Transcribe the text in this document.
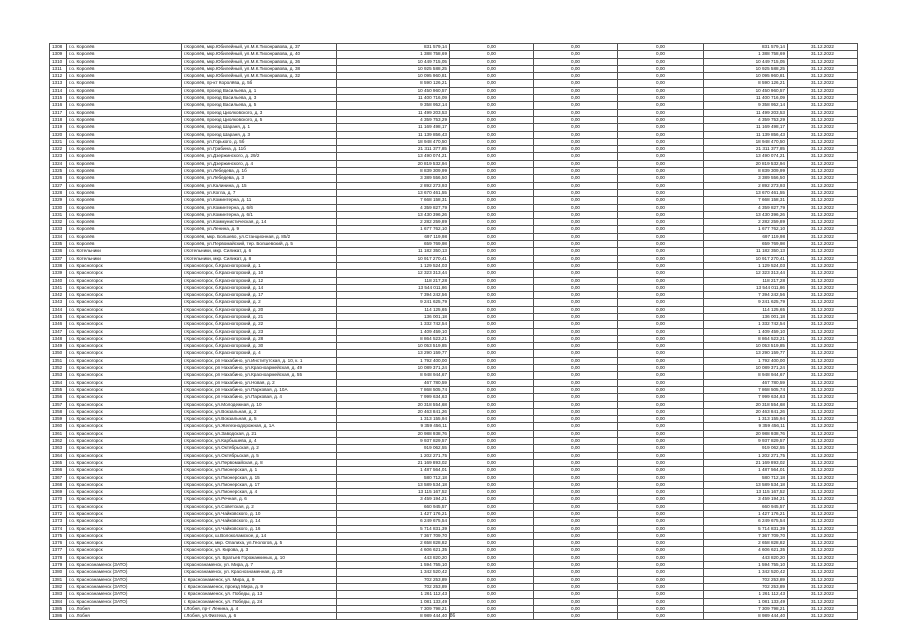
1308	г.о. Королёв	г.Королёв, мкр.Юбилейный, ул.М.К.Тихонравова, д. 37	831 579,14	0,00	0,00	0,00	831 579,14	31.12.2022
1309	г.о. Королёв	г.Королёв, мкр.Юбилейный, ул.М.К.Тихонравова, д. 40	1 388 758,69	0,00	0,00	0,00	1 388 758,69	31.12.2022
1310	г.о. Королёв	г.Королёв, мкр.Юбилейный, ул.М.К.Тихонравова, д. 36	10 449 715,05	0,00	0,00	0,00	10 449 715,05	31.12.2022
1311	г.о. Королёв	г.Королёв, мкр.Юбилейный, ул.М.К.Тихонравова, д. 38	10 925 588,25	0,00	0,00	0,00	10 925 588,25	31.12.2022
1312	г.о. Королёв	г.Королёв, мкр.Юбилейный, ул.М.К.Тихонравова, д. 32	10 095 960,81	0,00	0,00	0,00	10 095 960,81	31.12.2022
1313	г.о. Королёв	г.Королёв, пр-кт Королёва, д. 5б	8 590 126,21	0,00	0,00	0,00	8 590 126,21	31.12.2022
1314	г.о. Королёв	г.Королёв, проезд Васильева, д. 1	10 450 960,57	0,00	0,00	0,00	10 450 960,57	31.12.2022
1315	г.о. Королёв	г.Королёв, проезд Васильева, д. 3	11 400 716,09	0,00	0,00	0,00	11 400 716,09	31.12.2022
1316	г.о. Королёв	г.Королёв, проезд Васильева, д. 5	9 358 952,14	0,00	0,00	0,00	9 358 952,14	31.12.2022
1317	г.о. Королёв	г.Королёв, проезд Циолковского, д. 3	11 499 203,53	0,00	0,00	0,00	11 499 203,53	31.12.2022
1318	г.о. Королёв	г.Королёв, проезд Циолковского, д. 5	4 359 753,29	0,00	0,00	0,00	4 359 753,29	31.12.2022
1319	г.о. Королёв	г.Королёв, проезд Шараня, д. 1	11 169 498,17	0,00	0,00	0,00	11 169 498,17	31.12.2022
1320	г.о. Королёв	г.Королёв, проезд Шараня, д. 3	11 139 856,43	0,00	0,00	0,00	11 139 856,43	31.12.2022
1321	г.о. Королёв	г.Королёв, ул.Горького, д. 5б	18 948 470,50	0,00	0,00	0,00	18 948 470,50	31.12.2022
1322	г.о. Королёв	г.Королёв, ул.Грабина, д. 11б	21 311 377,85	0,00	0,00	0,00	21 311 377,85	31.12.2022
1323	г.о. Королёв	г.Королёв, ул.Дзержинского, д. 29/2	13 490 074,21	0,00	0,00	0,00	13 490 074,21	31.12.2022
1324	г.о. Королёв	г.Королёв, ул.Дзержинского, д. 4	20 819 532,94	0,00	0,00	0,00	20 819 532,94	31.12.2022
1325	г.о. Королёв	г.Королёв, ул.Лебедева, д. 1б	8 839 309,99	0,00	0,00	0,00	8 839 309,99	31.12.2022
1326	г.о. Королёв	г.Королёв, ул.Лебедева, д. 3	3 389 556,50	0,00	0,00	0,00	3 389 556,50	31.12.2022
1327	г.о. Королёв	г.Королёв, ул.Калинина, д. 15	2 892 273,93	0,00	0,00	0,00	2 892 273,93	31.12.2022
1328	г.о. Королёв	г.Королёв, ул.Когла, д. 7	13 670 461,55	0,00	0,00	0,00	13 670 461,55	31.12.2022
1329	г.о. Королёв	г.Королёв, ул.Коминтерна, д. 11	7 668 158,31	0,00	0,00	0,00	7 668 158,31	31.12.2022
1330	г.о. Королёв	г.Королёв, ул.Коминтерна, д. 6/6	4 359 827,79	0,00	0,00	0,00	4 359 827,79	31.12.2022
1331	г.о. Королёв	г.Королёв, ул.Коминтерна, д. 6/1	13 430 396,26	0,00	0,00	0,00	13 430 396,26	31.12.2022
1332	г.о. Королёв	г.Королёв, ул.Коммунистическая, д. 14	2 282 259,89	0,00	0,00	0,00	2 282 259,89	31.12.2022
1333	г.о. Королёв	г.Королёв, ул.Ленина, д. 9	1 677 762,10	0,00	0,00	0,00	1 677 762,10	31.12.2022
1334	г.о. Королёв	г.Королёв, мкр. Болшево, ул.Станционная, д. 85/2	697 119,98	0,00	0,00	0,00	697 119,98	31.12.2022
1335	г.о. Королёв	г.Королёв, ул.Первомайский, тер. Болшевский, д. 5	659 769,98	0,00	0,00	0,00	659 769,98	31.12.2022
1336	г.о. Котельники	г.Котельники, мкр. Силикат, д. 6	11 182 350,13	0,00	0,00	0,00	11 182 350,13	31.12.2022
1337	г.о. Котельники	г.Котельники, мкр. Силикат, д. 8	10 917 270,41	0,00	0,00	0,00	10 917 270,41	31.12.2022
1338	г.о. Красногорск	г.Красногорск, б.Красногорский, д. 1	1 129 524,03	0,00	0,00	0,00	1 129 524,03	31.12.2022
1339	г.о. Красногорск	г.Красногорск, б.Красногорский, д. 10	12 323 313,44	0,00	0,00	0,00	12 323 313,44	31.12.2022
1340	г.о. Красногорск	г.Красногорск, б.Красногорский, д. 12	118 217,28	0,00	0,00	0,00	118 217,28	31.12.2022
1341	г.о. Красногорск	г.Красногорск, б.Красногорский, д. 14	13 544 011,86	0,00	0,00	0,00	13 544 011,86	31.12.2022
1342	г.о. Красногорск	г.Красногорск, б.Красногорский, д. 17	7 394 242,56	0,00	0,00	0,00	7 394 242,56	31.12.2022
1343	г.о. Красногорск	г.Красногорск, б.Красногорский, д. 2	9 241 625,79	0,00	0,00	0,00	9 241 625,79	31.12.2022
1344	г.о. Красногорск	г.Красногорск, б.Красногорский, д. 20	114 125,65	0,00	0,00	0,00	114 125,65	31.12.2022
1345	г.о. Красногорск	г.Красногорск, б.Красногорский, д. 21	136 001,18	0,00	0,00	0,00	136 001,18	31.12.2022
1346	г.о. Красногорск	г.Красногорск, б.Красногорский, д. 22	1 332 742,54	0,00	0,00	0,00	1 332 742,54	31.12.2022
1347	г.о. Красногорск	г.Красногорск, б.Красногорский, д. 23	1 409 459,10	0,00	0,00	0,00	1 409 459,10	31.12.2022
1348	г.о. Красногорск	г.Красногорск, б.Красногорский, д. 28	8 864 523,21	0,00	0,00	0,00	8 864 523,21	31.12.2022
1349	г.о. Красногорск	г.Красногорск, б.Красногорский, д. 30	10 053 519,85	0,00	0,00	0,00	10 053 519,85	31.12.2022
1350	г.о. Красногорск	г.Красногорск, б.Красногорский, д. 4	13 290 159,77	0,00	0,00	0,00	13 290 159,77	31.12.2022
1351	г.о. Красногорск	г.Красногорск, рп Нахабино, ул.Институтская, д. 10, к. 1	1 792 400,00	0,00	0,00	0,00	1 792 400,00	31.12.2022
1352	г.о. Красногорск	г.Красногорск, рп Нахабино, ул.Красноармейская, д. 49	10 089 371,24	0,00	0,00	0,00	10 089 371,24	31.12.2022
1353	г.о. Красногорск	г.Красногорск, рп Нахабино, ул.Красноармейская, д. 55	8 948 944,67	0,00	0,00	0,00	8 948 944,67	31.12.2022
1354	г.о. Красногорск	г.Красногорск, рп Нахабино, ул.Новая, д. 2	467 780,59	0,00	0,00	0,00	467 780,59	31.12.2022
1355	г.о. Красногорск	г.Красногорск, рп Нахабино, ул.Парковая, д. 10А	7 868 505,74	0,00	0,00	0,00	7 868 505,74	31.12.2022
1356	г.о. Красногорск	г.Красногорск, рп Нахабино, ул.Парковая, д. 4	7 999 634,63	0,00	0,00	0,00	7 999 634,63	31.12.2022
1357	г.о. Красногорск	г.Красногорск, ул.Молодежная, д. 10	20 318 554,68	0,00	0,00	0,00	20 318 554,68	31.12.2022
1358	г.о. Красногорск	г.Красногорск, ул.Вокзальная, д. 2	20 463 841,26	0,00	0,00	0,00	20 463 841,26	31.12.2022
1359	г.о. Красногорск	г.Красногорск, ул.Вокзальная, д. 5	1 313 155,94	0,00	0,00	0,00	1 313 155,94	31.12.2022
1360	г.о. Красногорск	г.Красногорск, ул.Железнодорожная, д. 1А	9 359 456,11	0,00	0,00	0,00	9 359 456,11	31.12.2022
1361	г.о. Красногорск	г.Красногорск, ул.Заводская, д. 21	20 988 938,76	0,00	0,00	0,00	20 988 938,76	31.12.2022
1362	г.о. Красногорск	г.Красногорск, ул.Карбышева, д. 4	9 937 829,57	0,00	0,00	0,00	9 937 829,57	31.12.2022
1363	г.о. Красногорск	г.Красногорск, ул.Октябрьская, д. 2	919 062,55	0,00	0,00	0,00	919 062,55	31.12.2022
1364	г.о. Красногорск	г.Красногорск, ул.Октябрьская, д. 5	1 202 271,75	0,00	0,00	0,00	1 202 271,75	31.12.2022
1365	г.о. Красногорск	г.Красногорск, ул.Первомайская, д. 8	21 169 893,02	0,00	0,00	0,00	21 169 893,02	31.12.2022
1366	г.о. Красногорск	г.Красногорск, ул.Пионерская, д. 1	1 487 564,01	0,00	0,00	0,00	1 487 564,01	31.12.2022
1367	г.о. Красногорск	г.Красногорск, ул.Пионерская, д. 15	580 712,18	0,00	0,00	0,00	580 712,18	31.12.2022
1368	г.о. Красногорск	г.Красногорск, ул.Пионерская, д. 17	13 589 534,18	0,00	0,00	0,00	13 589 534,18	31.12.2022
1369	г.о. Красногорск	г.Красногорск, ул.Пионерская, д. 4	13 115 167,52	0,00	0,00	0,00	13 115 167,52	31.12.2022
1370	г.о. Красногорск	г.Красногорск, ул.Речная, д. 6	3 459 194,21	0,00	0,00	0,00	3 459 194,21	31.12.2022
1371	г.о. Красногорск	г.Красногорск, ул.Советская, д. 2	660 945,57	0,00	0,00	0,00	660 945,57	31.12.2022
1372	г.о. Красногорск	г.Красногорск, ул.Чайковского, д. 10	1 427 176,21	0,00	0,00	0,00	1 427 176,21	31.12.2022
1373	г.о. Красногорск	г.Красногорск, ул.Чайковского, д. 14	6 249 675,54	0,00	0,00	0,00	6 249 675,54	31.12.2022
1374	г.о. Красногорск	г.Красногорск, ул.Чайковского, д. 16	5 714 831,39	0,00	0,00	0,00	5 714 831,39	31.12.2022
1375	г.о. Красногорск	г.Красногорск, ш.Волоколамское, д. 14	7 367 709,70	0,00	0,00	0,00	7 367 709,70	31.12.2022
1376	г.о. Красногорск	г.Красногорск, мкр. Опалиха, ул.Геологов, д. 5	2 658 828,82	0,00	0,00	0,00	2 658 828,82	31.12.2022
1377	г.о. Красногорск	г.Красногорск, ул. Кирова, д. 3	4 606 621,35	0,00	0,00	0,00	4 606 621,35	31.12.2022
1378	г.о. Красногорск	г.Красногорск, ул. Братьев Горожанкиных, д. 10	443 820,20	0,00	0,00	0,00	443 820,20	31.12.2022
1379	г.о. Краснознаменск (ЗАТО)	г.Краснознаменск, ул. Мира, д. 7	1 594 755,10	0,00	0,00	0,00	1 594 755,10	31.12.2022
1380	г.о. Краснознаменск (ЗАТО)	г.Краснознаменск, ул. Краснознаменная, д. 20	1 342 520,42	0,00	0,00	0,00	1 342 520,42	31.12.2022
1381	г.о. Краснознаменск (ЗАТО)	г. Краснознаменск, ул. Мира, д. 9	702 253,89	0,00	0,00	0,00	702 253,89	31.12.2022
1382	г.о. Краснознаменск (ЗАТО)	г. Краснознаменск, проезд Мира, д. 9	702 253,89	0,00	0,00	0,00	702 253,89	31.12.2022
1383	г.о. Краснознаменск (ЗАТО)	г. Краснознаменск, ул. Победы, д. 13	1 261 112,43	0,00	0,00	0,00	1 261 112,43	31.12.2022
1384	г.о. Краснознаменск (ЗАТО)	г. Краснознаменск, ул. Победы, д. 24	1 081 133,49	0,00	0,00	0,00	1 081 133,49	31.12.2022
1385	г.о. Лобня	г.Лобня, пр-т Ленина, д. 4	7 309 798,21	0,00	0,00	0,00	7 309 798,21	31.12.2022
1386	г.о. Лобня	г.Лобня, ул.Физтеха, д. 6	8 989 444,40	0,00	0,00	0,00	8 989 444,40	31.12.2022
86
